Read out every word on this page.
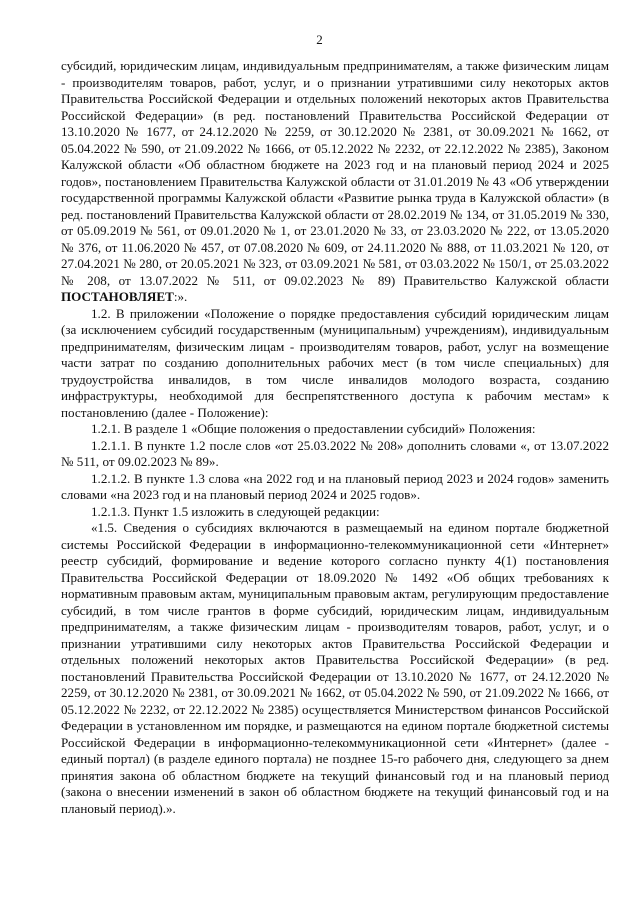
2

субсидий, юридическим лицам, индивидуальным предпринимателям, а также физическим лицам - производителям товаров, работ, услуг, и о признании утратившими силу некоторых актов Правительства Российской Федерации и отдельных положений некоторых актов Правительства Российской Федерации» (в ред. постановлений Правительства Российской Федерации от 13.10.2020 № 1677, от 24.12.2020 № 2259, от 30.12.2020 № 2381, от 30.09.2021 № 1662, от 05.04.2022 № 590, от 21.09.2022 № 1666, от 05.12.2022 № 2232, от 22.12.2022 № 2385), Законом Калужской области «Об областном бюджете на 2023 год и на плановый период 2024 и 2025 годов», постановлением Правительства Калужской области от 31.01.2019 № 43 «Об утверждении государственной программы Калужской области «Развитие рынка труда в Калужской области» (в ред. постановлений Правительства Калужской области от 28.02.2019 № 134, от 31.05.2019 № 330, от 05.09.2019 № 561, от 09.01.2020 № 1, от 23.01.2020 № 33, от 23.03.2020 № 222, от 13.05.2020 № 376, от 11.06.2020 № 457, от 07.08.2020 № 609, от 24.11.2020 № 888, от 11.03.2021 № 120, от 27.04.2021 № 280, от 20.05.2021 № 323, от 03.09.2021 № 581, от 03.03.2022 № 150/1, от 25.03.2022 № 208, от 13.07.2022 № 511, от 09.02.2023 № 89) Правительство Калужской области ПОСТАНОВЛЯЕТ:».

1.2. В приложении «Положение о порядке предоставления субсидий юридическим лицам (за исключением субсидий государственным (муниципальным) учреждениям), индивидуальным предпринимателям, физическим лицам - производителям товаров, работ, услуг на возмещение части затрат по созданию дополнительных рабочих мест (в том числе специальных) для трудоустройства инвалидов, в том числе инвалидов молодого возраста, созданию инфраструктуры, необходимой для беспрепятственного доступа к рабочим местам» к постановлению (далее - Положение):

1.2.1. В разделе 1 «Общие положения о предоставлении субсидий» Положения:

1.2.1.1. В пункте 1.2 после слов «от 25.03.2022 № 208» дополнить словами «, от 13.07.2022 № 511, от 09.02.2023 № 89».

1.2.1.2. В пункте 1.3 слова «на 2022 год и на плановый период 2023 и 2024 годов» заменить словами «на 2023 год и на плановый период 2024 и 2025 годов».

1.2.1.3. Пункт 1.5 изложить в следующей редакции:

«1.5. Сведения о субсидиях включаются в размещаемый на едином портале бюджетной системы Российской Федерации в информационно-телекоммуникационной сети «Интернет» реестр субсидий, формирование и ведение которого согласно пункту 4(1) постановления Правительства Российской Федерации от 18.09.2020 № 1492 «Об общих требованиях к нормативным правовым актам, муниципальным правовым актам, регулирующим предоставление субсидий, в том числе грантов в форме субсидий, юридическим лицам, индивидуальным предпринимателям, а также физическим лицам - производителям товаров, работ, услуг, и о признании утратившими силу некоторых актов Правительства Российской Федерации и отдельных положений некоторых актов Правительства Российской Федерации» (в ред. постановлений Правительства Российской Федерации от 13.10.2020 № 1677, от 24.12.2020 № 2259, от 30.12.2020 № 2381, от 30.09.2021 № 1662, от 05.04.2022 № 590, от 21.09.2022 № 1666, от 05.12.2022 № 2232, от 22.12.2022 № 2385) осуществляется Министерством финансов Российской Федерации в установленном им порядке, и размещаются на едином портале бюджетной системы Российской Федерации в информационно-телекоммуникационной сети «Интернет» (далее - единый портал) (в разделе единого портала) не позднее 15-го рабочего дня, следующего за днем принятия закона об областном бюджете на текущий финансовый год и на плановый период (закона о внесении изменений в закон об областном бюджете на текущий финансовый год и на плановый период).».
